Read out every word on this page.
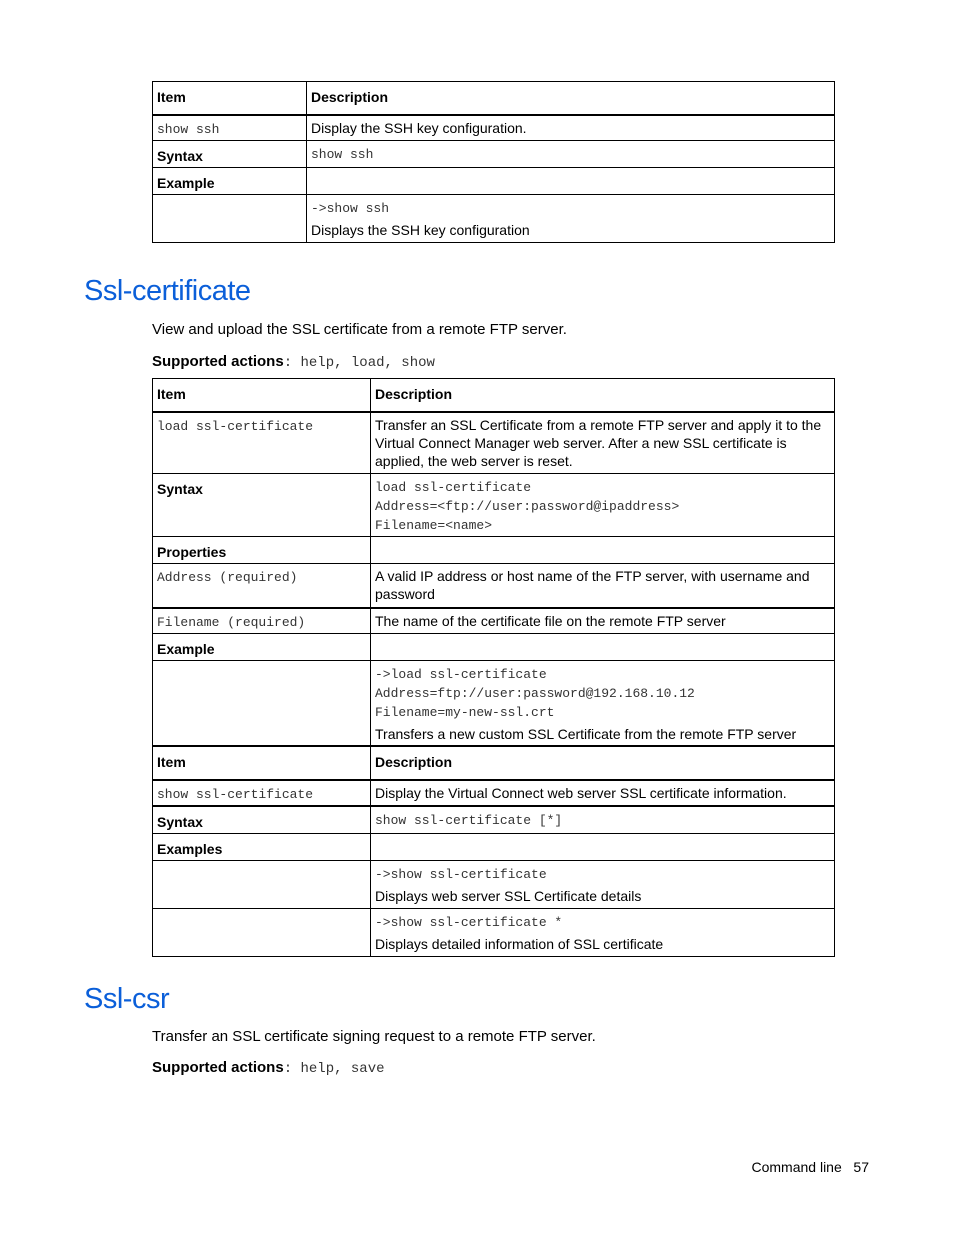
Item	Description
show ssh	Display the SSH key configuration.
Syntax	show ssh
Example	
	->show ssh
Displays the SSH key configuration
Ssl-certificate

View and upload the SSL certificate from a remote FTP server.

Supported actions: help, load, show

Item	Description
load ssl-certificate	Transfer an SSL Certificate from a remote FTP server and apply it to the Virtual Connect Manager web server. After a new SSL certificate is applied, the web server is reset.
Syntax	load ssl-certificate
Address=<ftp://user:password@ipaddress>
Filename=<name>
Properties	
Address (required)	A valid IP address or host name of the FTP server, with username and password
Filename (required)	The name of the certificate file on the remote FTP server
Example	
	->load ssl-certificate
Address=ftp://user:password@192.168.10.12
Filename=my-new-ssl.crt
Transfers a new custom SSL Certificate from the remote FTP server
Item	Description
show ssl-certificate	Display the Virtual Connect web server SSL certificate information.
Syntax	show ssl-certificate [*]
Examples	
	->show ssl-certificate
Displays web server SSL Certificate details

	->show ssl-certificate *
Displays detailed information of SSL certificate
Ssl-csr

Transfer an SSL certificate signing request to a remote FTP server.

Supported actions: help, save

Command line 57
